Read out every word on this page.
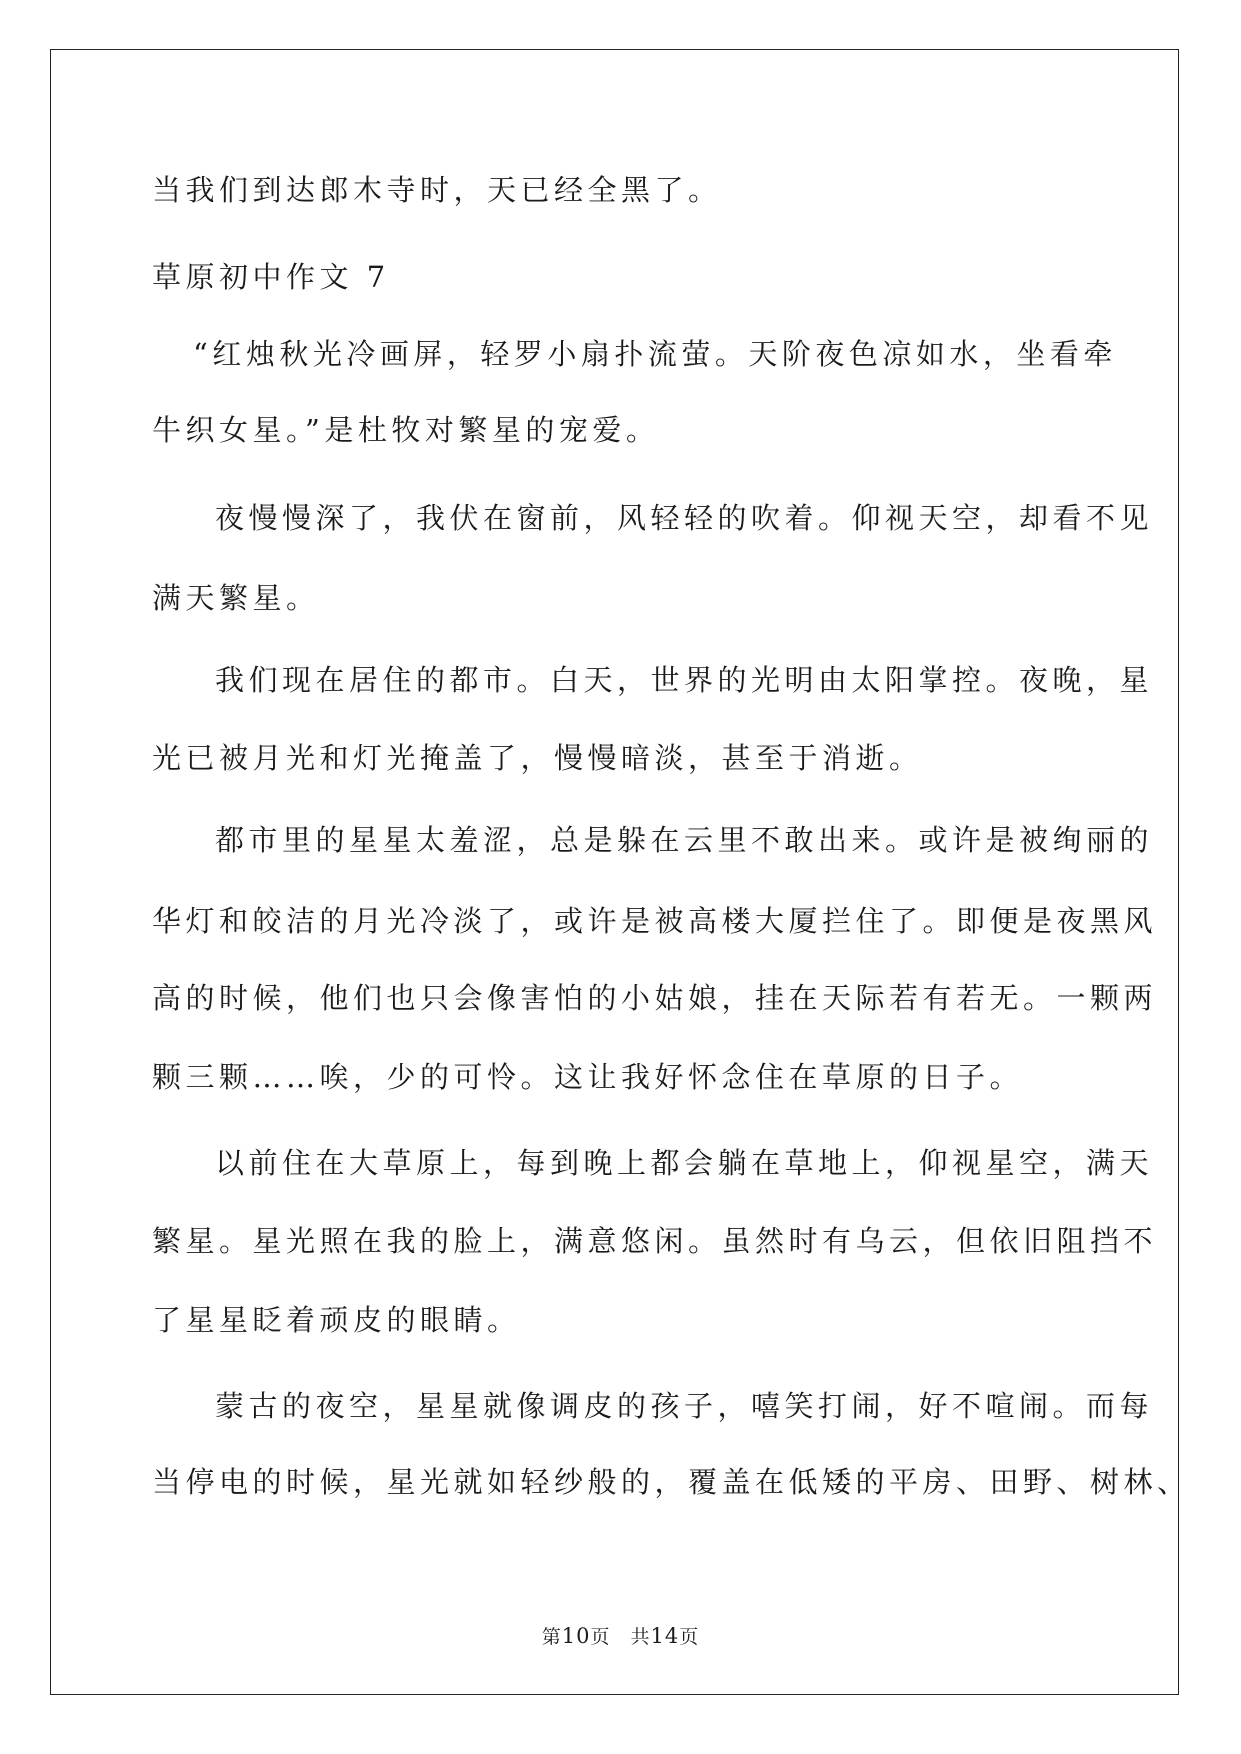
当我们到达郎木寺时，天已经全黑了。
草原初中作文 7
“红烛秋光冷画屏，轻罗小扇扑流萤。天阶夜色凉如水，坐看牵
牛织女星。”是杜牧对繁星的宠爱。
夜慢慢深了，我伏在窗前，风轻轻的吹着。仰视天空，却看不见
满天繁星。
我们现在居住的都市。白天，世界的光明由太阳掌控。夜晚，星
光已被月光和灯光掩盖了，慢慢暗淡，甚至于消逝。
都市里的星星太羞涩，总是躲在云里不敢出来。或许是被绚丽的
华灯和皎洁的月光冷淡了，或许是被高楼大厦拦住了。即便是夜黑风
高的时候，他们也只会像害怕的小姑娘，挂在天际若有若无。一颗两
颗三颗……唉，少的可怜。这让我好怀念住在草原的日子。
以前住在大草原上，每到晚上都会躺在草地上，仰视星空，满天
繁星。星光照在我的脸上，满意悠闲。虽然时有乌云，但依旧阻挡不
了星星眨着顽皮的眼睛。
蒙古的夜空，星星就像调皮的孩子，嘻笑打闹，好不喧闹。而每
当停电的时候，星光就如轻纱般的，覆盖在低矮的平房、田野、树林、
第10页　共14页
